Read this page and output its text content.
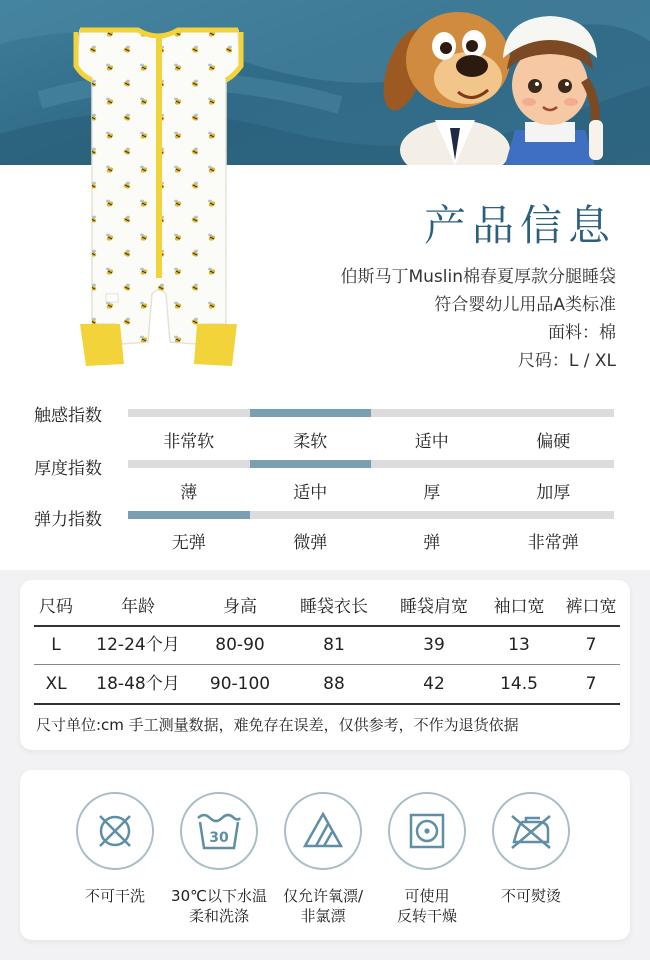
产品信息
伯斯马丁Muslin棉春夏厚款分腿睡袋
符合婴幼儿用品A类标准
面料：棉
尺码：L / XL
触感指数
非常软	柔软	适中	偏硬
厚度指数
薄	适中	厚	加厚
弹力指数
无弹	微弹	弹	非常弹
尺码	年龄	身高	睡袋衣长	睡袋肩宽	袖口宽	裤口宽
L	12-24个月	80-90	81	39	13	7
XL	18-48个月	90-100	88	42	14.5	7
尺寸单位:cm 手工测量数据，难免存在误差，仅供参考，不作为退货依据
不可干洗
30
30℃以下水温
柔和洗涤
仅允许氧漂/
非氯漂
可使用
反转干燥
不可熨烫
